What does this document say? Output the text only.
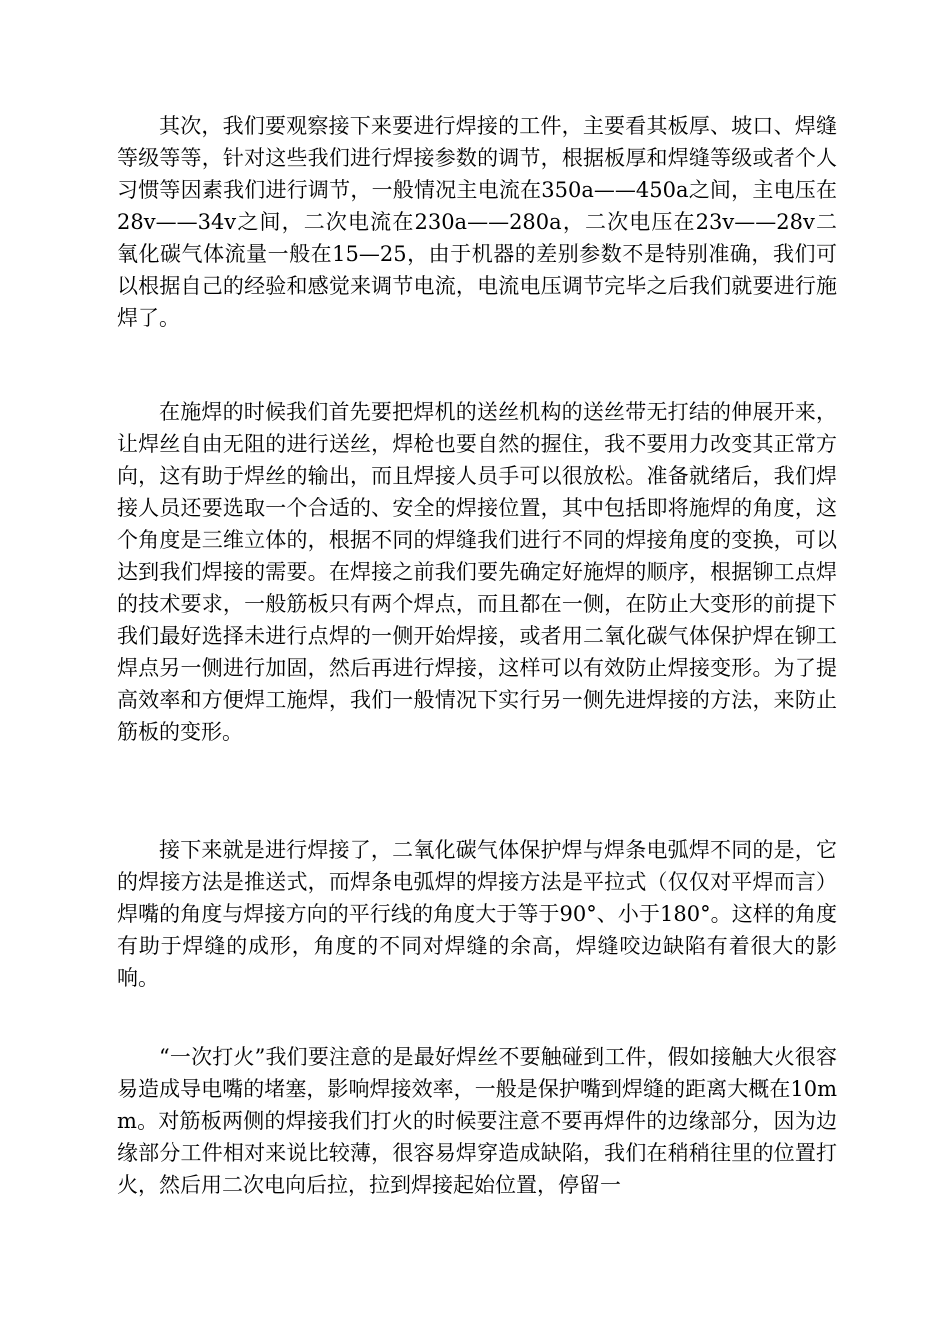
其次，我们要观察接下来要进行焊接的工件，主要看其板厚、坡口、焊缝等级等等，针对这些我们进行焊接参数的调节，根据板厚和焊缝等级或者个人习惯等因素我们进行调节，一般情况主电流在350a——450a之间，主电压在28v——34v之间，二次电流在230a——280a，二次电压在23v——28v二氧化碳气体流量一般在15—25，由于机器的差别参数不是特别准确，我们可以根据自己的经验和感觉来调节电流，电流电压调节完毕之后我们就要进行施焊了。

在施焊的时候我们首先要把焊机的送丝机构的送丝带无打结的伸展开来，让焊丝自由无阻的进行送丝，焊枪也要自然的握住，我不要用力改变其正常方向，这有助于焊丝的输出，而且焊接人员手可以很放松。准备就绪后，我们焊接人员还要选取一个合适的、安全的焊接位置，其中包括即将施焊的角度，这个角度是三维立体的，根据不同的焊缝我们进行不同的焊接角度的变换，可以达到我们焊接的需要。在焊接之前我们要先确定好施焊的顺序，根据铆工点焊的技术要求，一般筋板只有两个焊点，而且都在一侧，在防止大变形的前提下我们最好选择未进行点焊的一侧开始焊接，或者用二氧化碳气体保护焊在铆工焊点另一侧进行加固，然后再进行焊接，这样可以有效防止焊接变形。为了提高效率和方便焊工施焊，我们一般情况下实行另一侧先进焊接的方法，来防止筋板的变形。

接下来就是进行焊接了，二氧化碳气体保护焊与焊条电弧焊不同的是，它的焊接方法是推送式，而焊条电弧焊的焊接方法是平拉式（仅仅对平焊而言）焊嘴的角度与焊接方向的平行线的角度大于等于90°、小于180°。这样的角度有助于焊缝的成形，角度的不同对焊缝的余高，焊缝咬边缺陷有着很大的影响。

“一次打火”我们要注意的是最好焊丝不要触碰到工件，假如接触大火很容易造成导电嘴的堵塞，影响焊接效率，一般是保护嘴到焊缝的距离大概在10mm。对筋板两侧的焊接我们打火的时候要注意不要再焊件的边缘部分，因为边缘部分工件相对来说比较薄，很容易焊穿造成缺陷，我们在稍稍往里的位置打火，然后用二次电向后拉，拉到焊接起始位置，停留一
